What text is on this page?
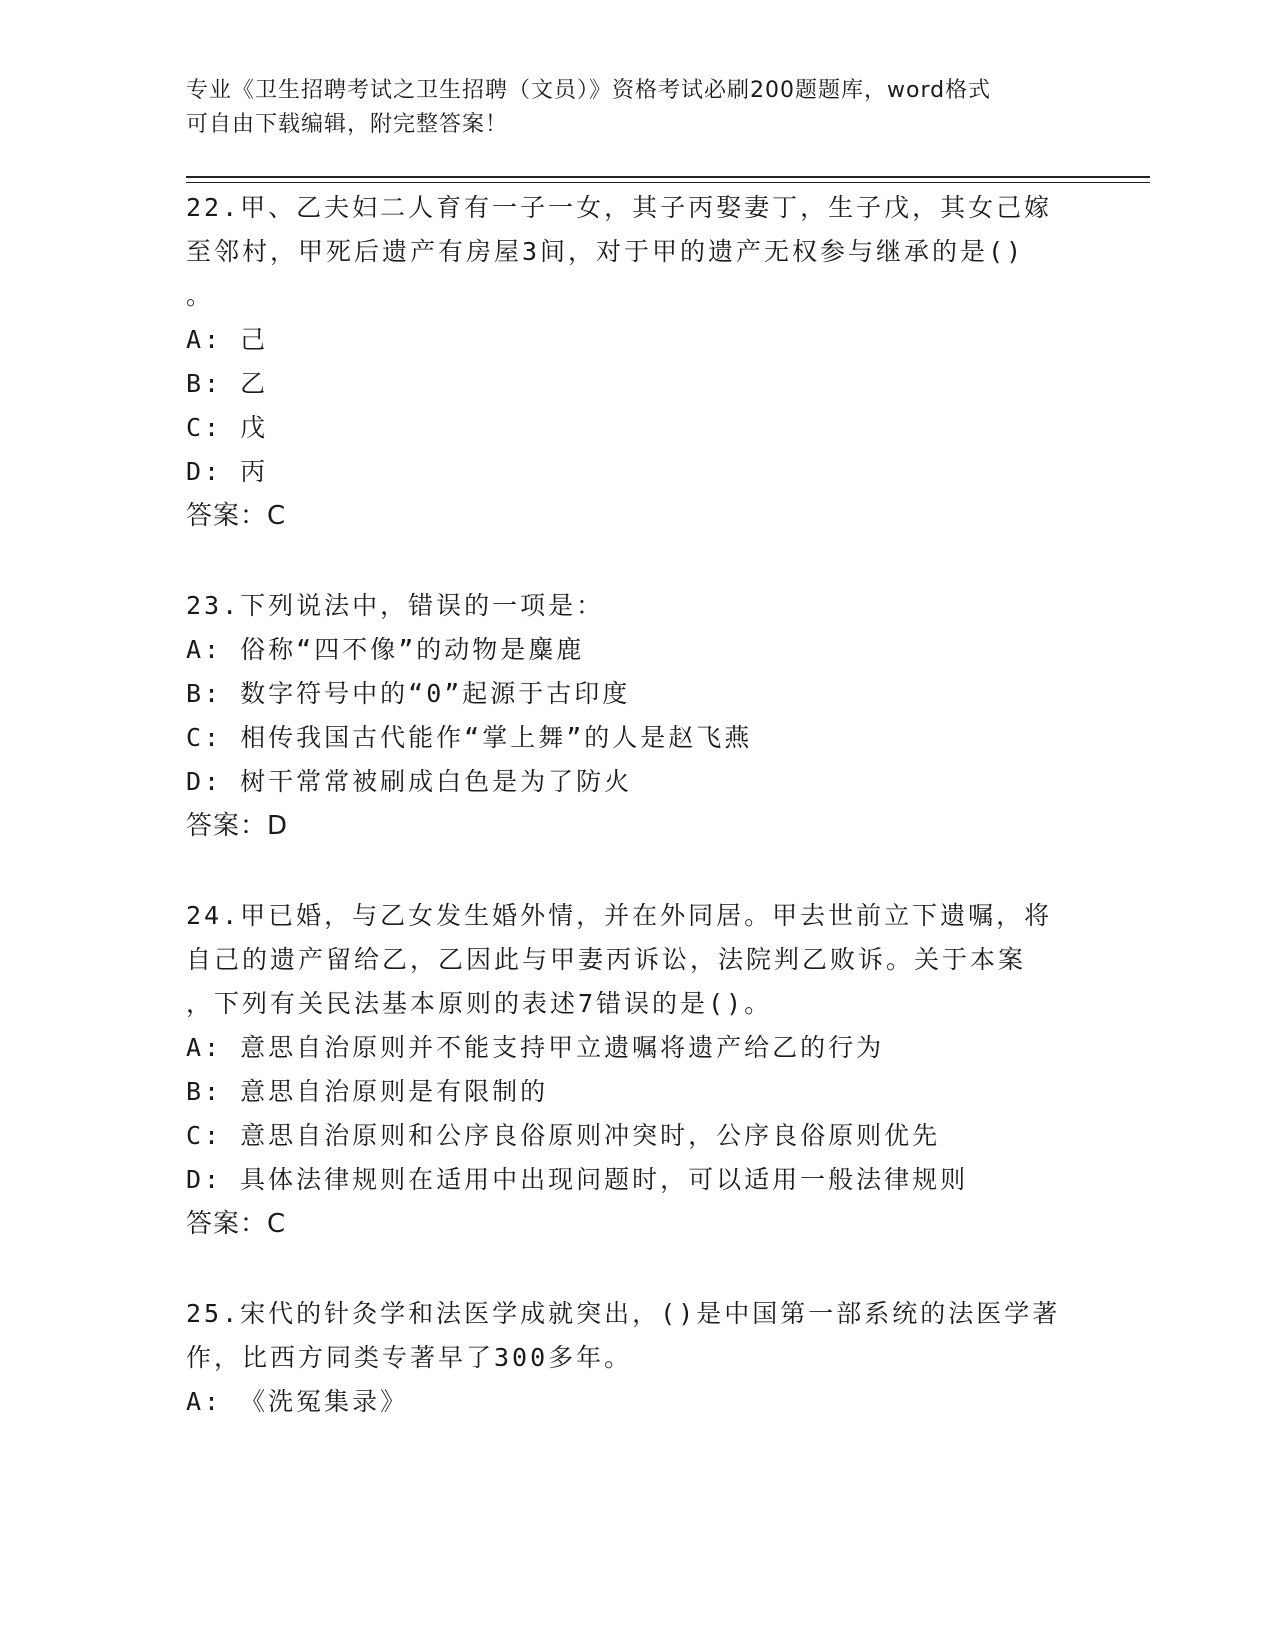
专业《卫生招聘考试之卫生招聘（文员）》资格考试必刷200题题库，word格式
可自由下载编辑，附完整答案！
22.甲、乙夫妇二人育有一子一女，其子丙娶妻丁，生子戊，其女己嫁
至邻村，甲死后遗产有房屋3间，对于甲的遗产无权参与继承的是()
。
A: 己
B: 乙
C: 戊
D: 丙
答案：C
23.下列说法中，错误的一项是：
A: 俗称“四不像”的动物是麋鹿
B: 数字符号中的“0”起源于古印度
C: 相传我国古代能作“掌上舞”的人是赵飞燕
D: 树干常常被刷成白色是为了防火
答案：D
24.甲已婚，与乙女发生婚外情，并在外同居。甲去世前立下遗嘱，将
自己的遗产留给乙，乙因此与甲妻丙诉讼，法院判乙败诉。关于本案
，下列有关民法基本原则的表述7错误的是()。
A: 意思自治原则并不能支持甲立遗嘱将遗产给乙的行为
B: 意思自治原则是有限制的
C: 意思自治原则和公序良俗原则冲突时，公序良俗原则优先
D: 具体法律规则在适用中出现问题时，可以适用一般法律规则
答案：C
25.宋代的针灸学和法医学成就突出，()是中国第一部系统的法医学著
作，比西方同类专著早了300多年。
A: 《洗冤集录》
